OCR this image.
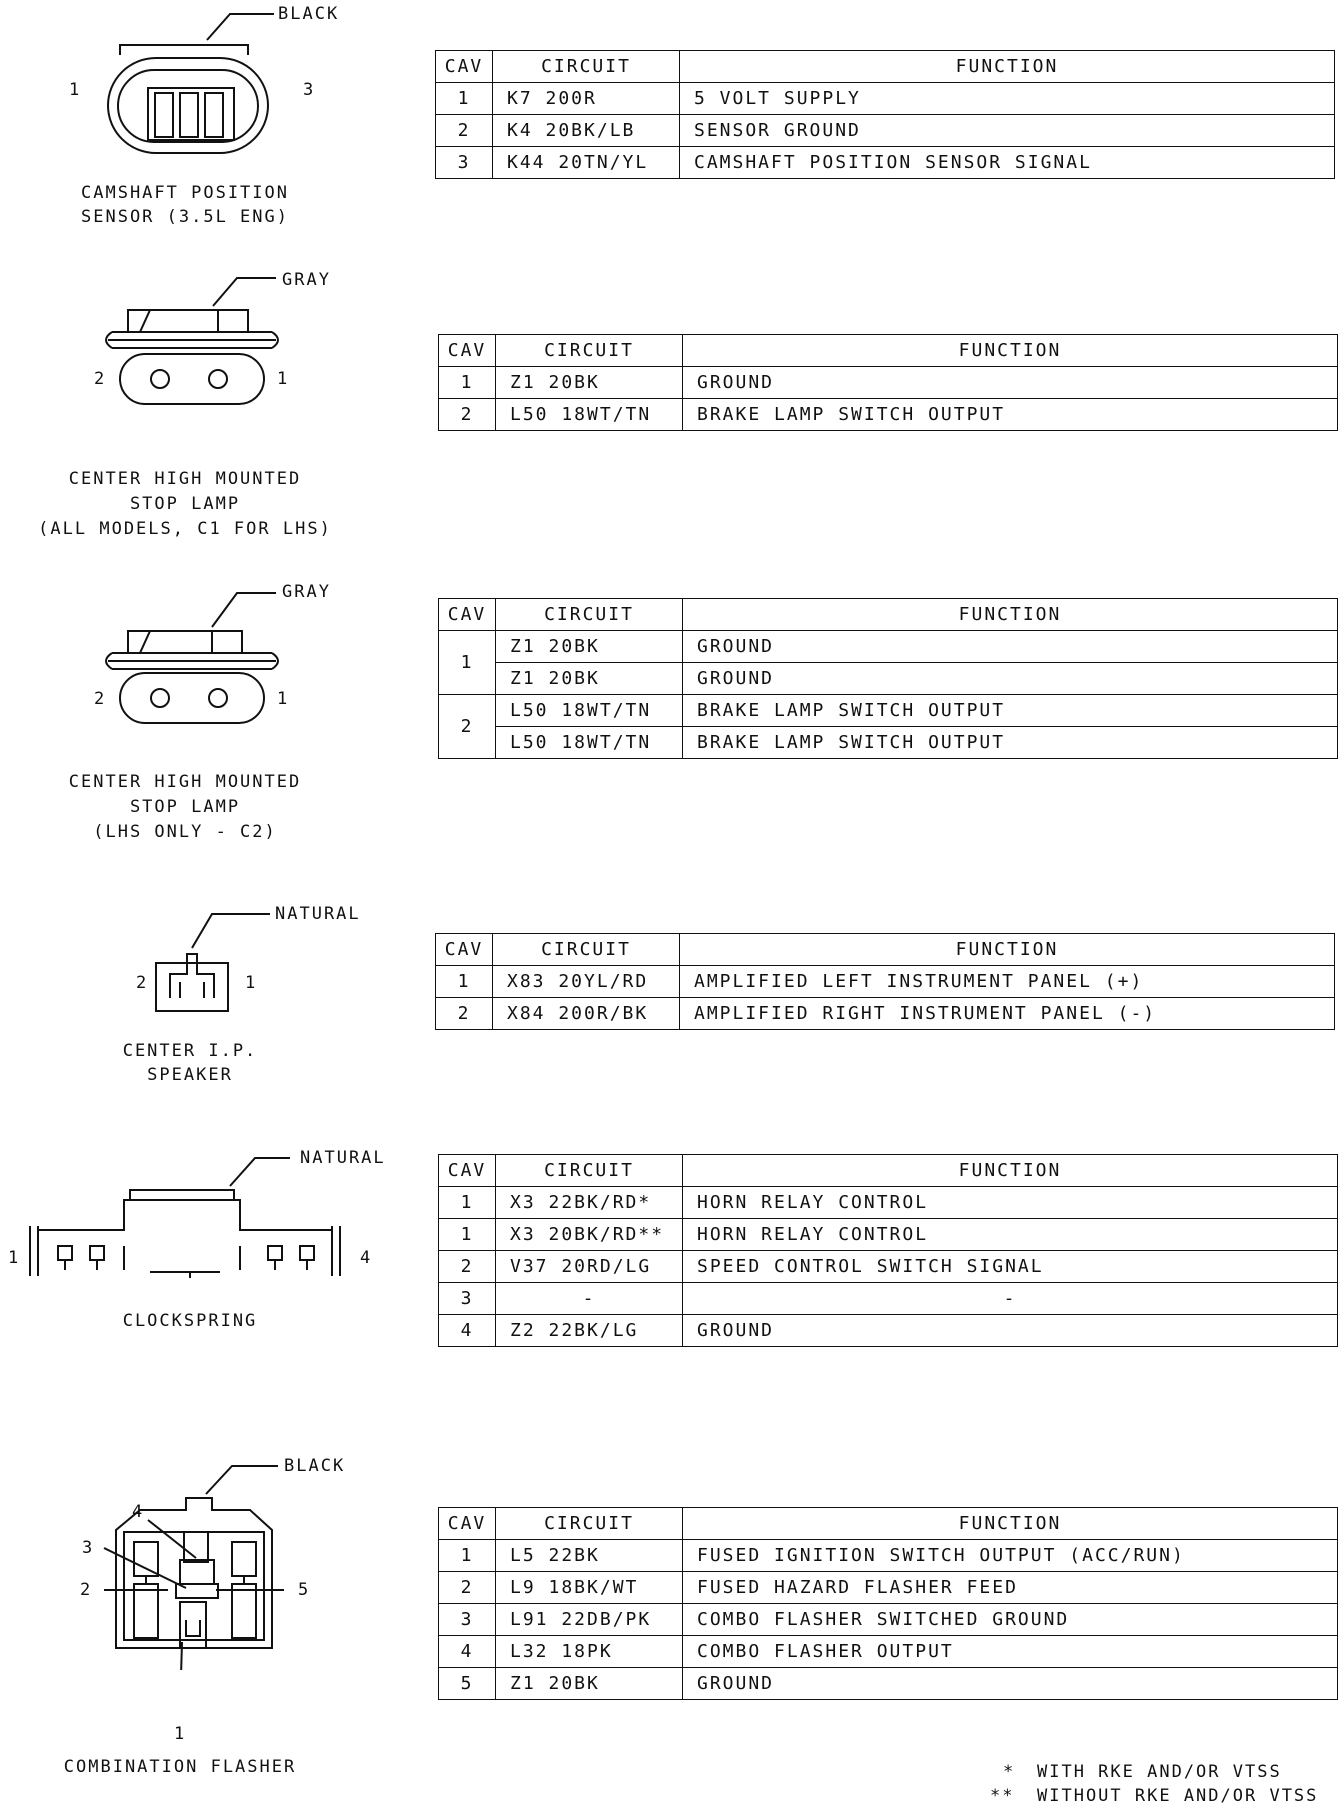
BLACK
1	3
CAMSHAFT POSITION
SENSOR (3.5L ENG)
CAV	CIRCUIT	FUNCTION
1	K7 200R	5 VOLT SUPPLY
2	K4 20BK/LB	SENSOR GROUND
3	K44 20TN/YL	CAMSHAFT POSITION SENSOR SIGNAL
GRAY
2	1
CENTER HIGH MOUNTED
STOP LAMP
(ALL MODELS, C1 FOR LHS)
CAV	CIRCUIT	FUNCTION
1	Z1 20BK	GROUND
2	L50 18WT/TN	BRAKE LAMP SWITCH OUTPUT
GRAY
2	1
CENTER HIGH MOUNTED
STOP LAMP
(LHS ONLY - C2)
CAV	CIRCUIT	FUNCTION
1	Z1 20BK	GROUND
	Z1 20BK	GROUND
2	L50 18WT/TN	BRAKE LAMP SWITCH OUTPUT
	L50 18WT/TN	BRAKE LAMP SWITCH OUTPUT
NATURAL
2	1
CENTER I.P.
SPEAKER
CAV	CIRCUIT	FUNCTION
1	X83 20YL/RD	AMPLIFIED LEFT INSTRUMENT PANEL (+)
2	X84 200R/BK	AMPLIFIED RIGHT INSTRUMENT PANEL (-)
NATURAL
1	4
CLOCKSPRING
CAV	CIRCUIT	FUNCTION
1	X3 22BK/RD*	HORN RELAY CONTROL
1	X3 20BK/RD**	HORN RELAY CONTROL
2	V37 20RD/LG	SPEED CONTROL SWITCH SIGNAL
3	-	-
4	Z2 22BK/LG	GROUND
BLACK
4
3
2	5
1
COMBINATION FLASHER
CAV	CIRCUIT	FUNCTION
1	L5 22BK	FUSED IGNITION SWITCH OUTPUT (ACC/RUN)
2	L9 18BK/WT	FUSED HAZARD FLASHER FEED
3	L91 22DB/PK	COMBO FLASHER SWITCHED GROUND
4	L32 18PK	COMBO FLASHER OUTPUT
5	Z1 20BK	GROUND
* WITH RKE AND/OR VTSS
** WITHOUT RKE AND/OR VTSS
